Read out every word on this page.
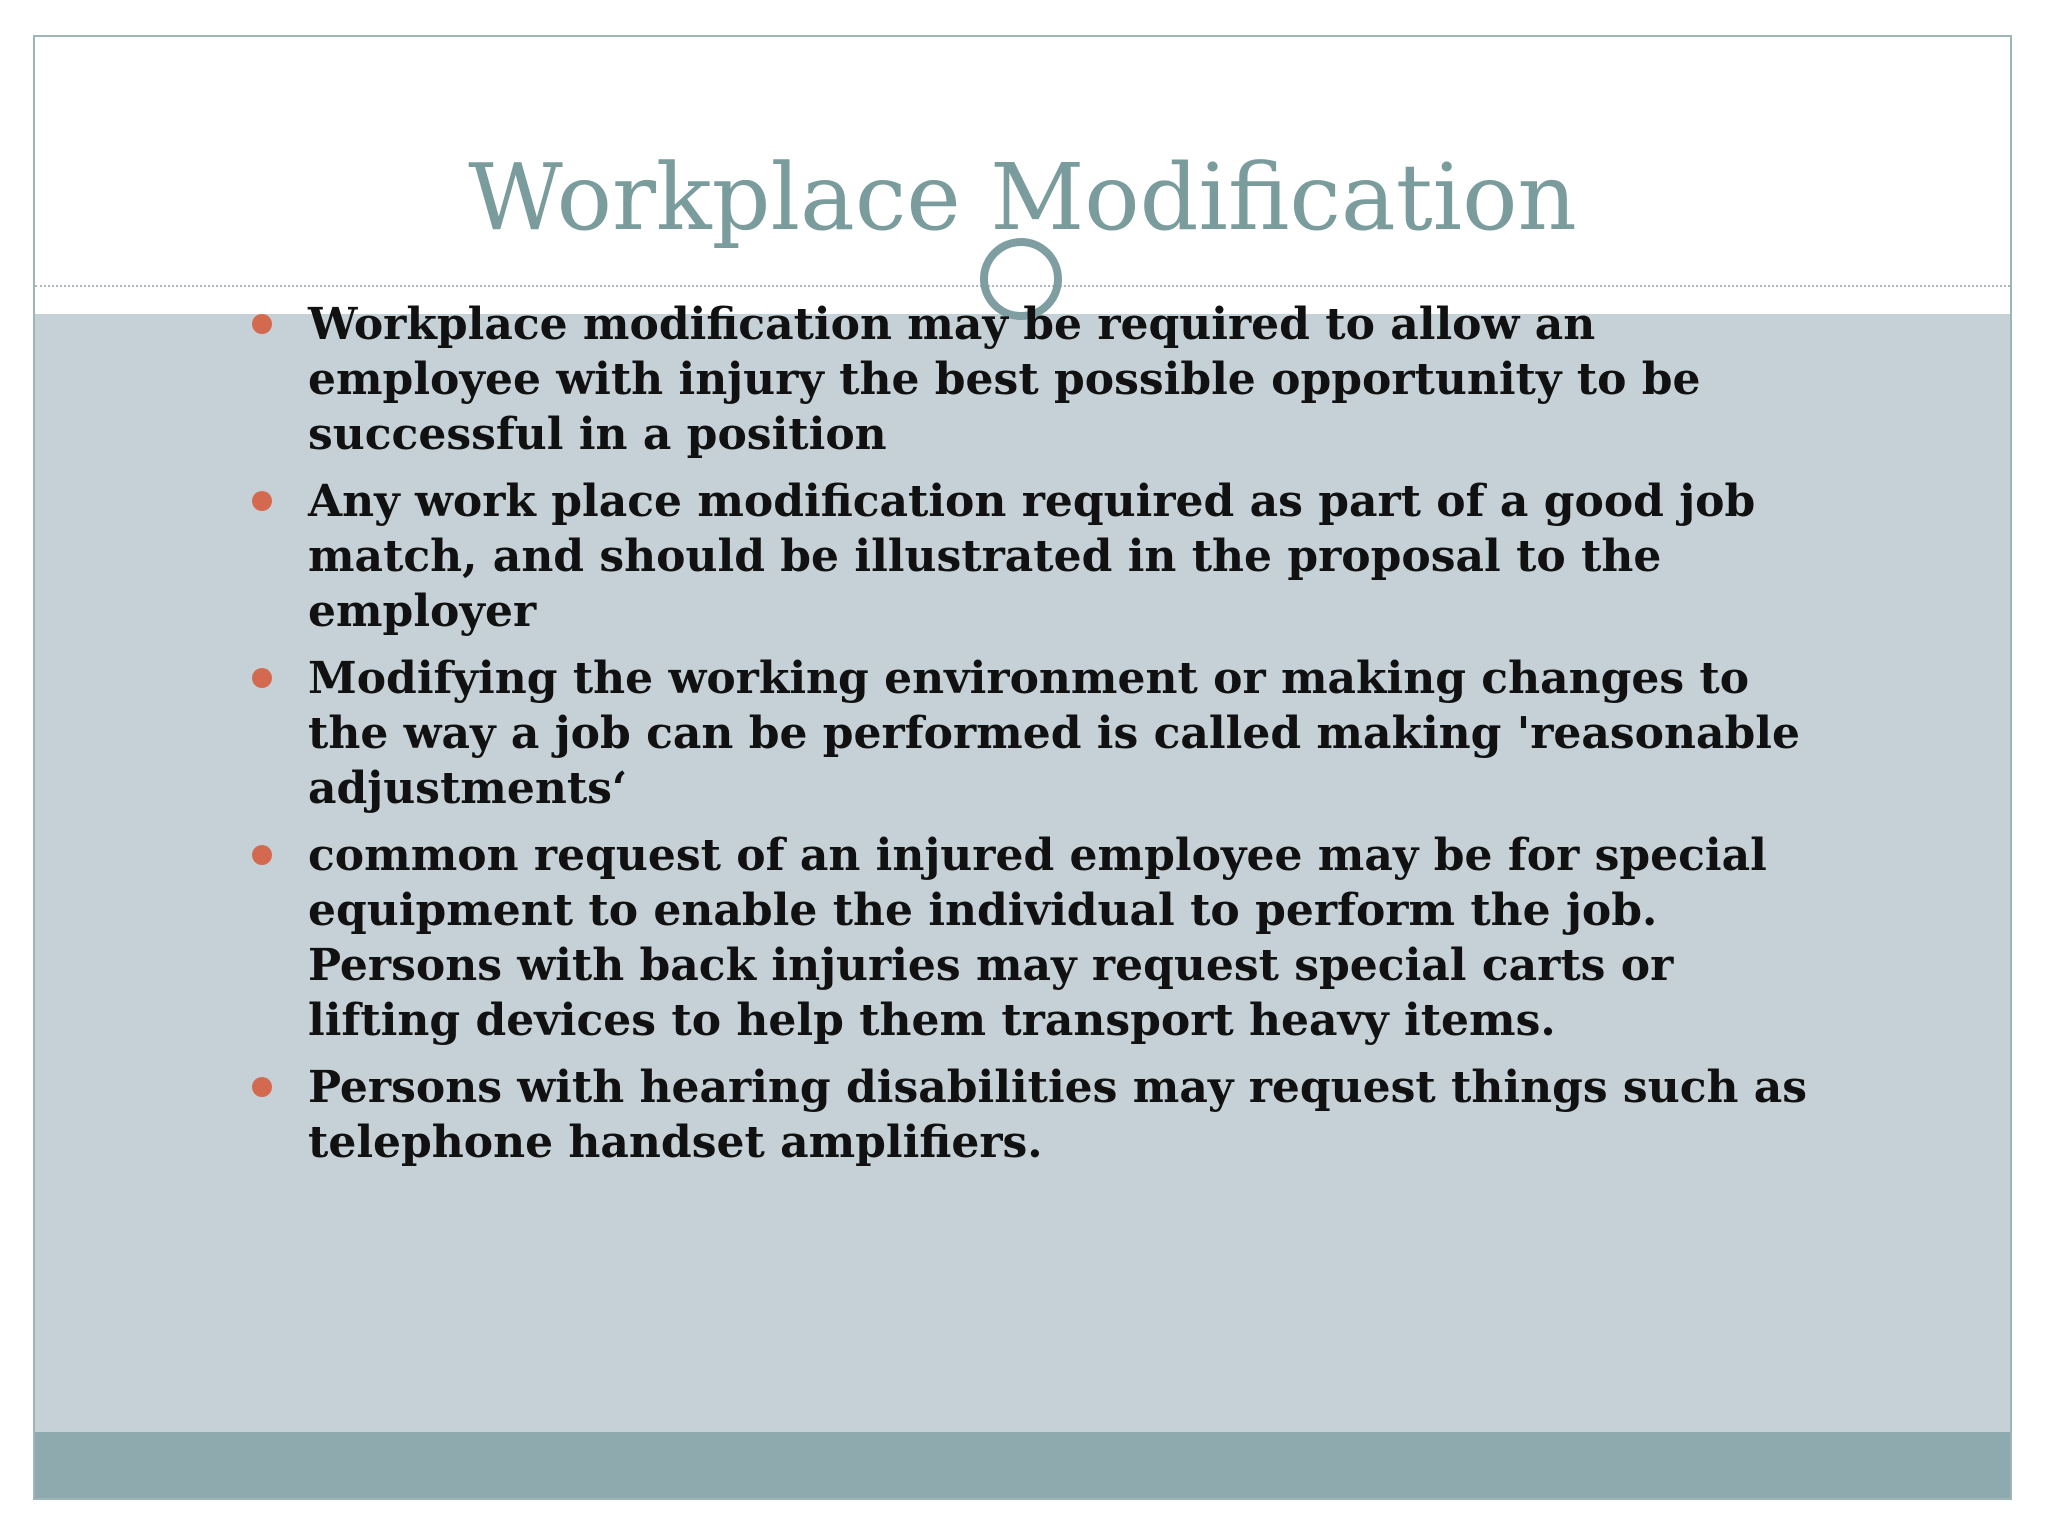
Workplace Modification
Workplace modification may be required to allow an employee with injury the best possible opportunity to be successful in a position
Any work place modification required as part of a good job match, and should be illustrated in the proposal to the employer
Modifying the working environment or making changes to the way a job can be performed is called making 'reasonable adjustments‘
common request of an injured employee may be for special equipment to enable the individual to perform the job. Persons with back injuries may request special carts or lifting devices to help them transport heavy items.
Persons with hearing disabilities may request things such as telephone handset amplifiers.
